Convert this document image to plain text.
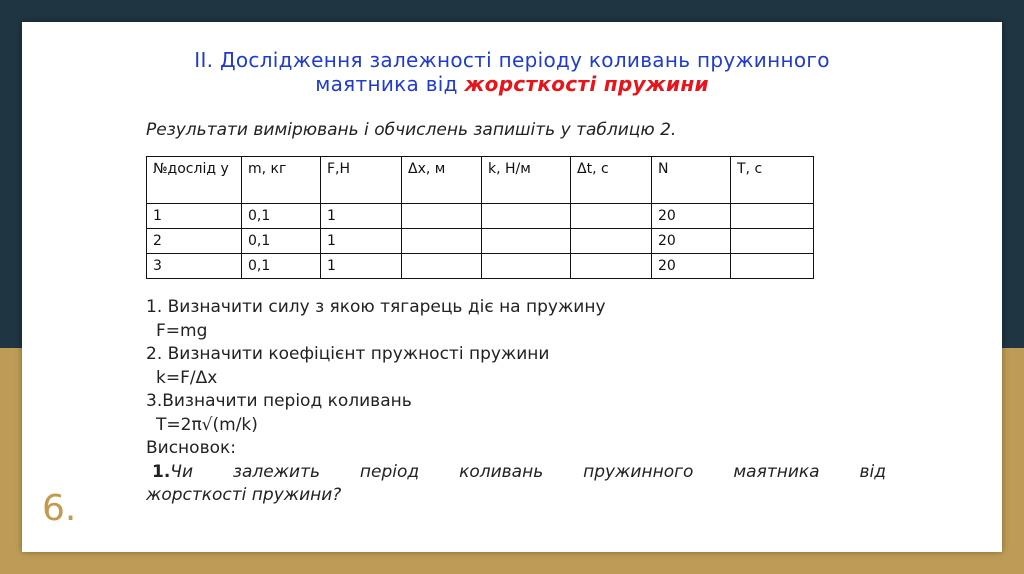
II. Дослідження залежності періоду коливань пружинного
маятника від жорсткості пружини
Результати вимірювань і обчислень запишіть у таблицю 2.
№дослід у	m, кг	F,H	Δx, м	k, Н/м	Δt, с	N	T, c
1	0,1	1				20	
2	0,1	1				20	
3	0,1	1				20	
1. Визначити силу з якою тягарець діє на пружину
F=mg
2. Визначити коефіцієнт пружності пружини
k=F/Δx
3.Визначити період коливань
T=2π√(m/k)
Висновок:
1.Чи залежить період коливань пружинного маятника від
жорсткості пружини?
6.
